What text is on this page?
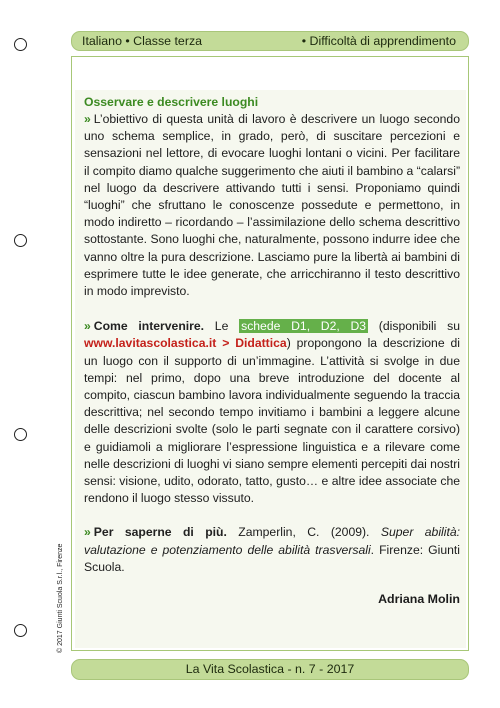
Italiano • Classe terza	• Difficoltà di apprendimento
Osservare e descrivere luoghi

» L’obiettivo di questa unità di lavoro è descrivere un luogo secondo uno schema semplice, in grado, però, di suscitare percezioni e sensazioni nel lettore, di evocare luoghi lontani o vicini. Per facilitare il compito diamo qualche suggerimento che aiuti il bambino a “calarsi” nel luogo da descrivere attivando tutti i sensi. Proponiamo quindi “luoghi” che sfruttano le conoscenze possedute e permettono, in modo indiretto – ricordando – l’assimilazione dello schema descrittivo sottostante. Sono luoghi che, naturalmente, possono indurre idee che vanno oltre la pura descrizione. Lasciamo pure la libertà ai bambini di esprimere tutte le idee generate, che arricchiranno il testo descrittivo in modo imprevisto.

» Come intervenire. Le schede D1, D2, D3 (disponibili su www.lavitascolastica.it > Didattica) propongono la descrizione di un luogo con il supporto di un’immagine. L’attività si svolge in due tempi: nel primo, dopo una breve introduzione del docente al compito, ciascun bambino lavora individualmente seguendo la traccia descrittiva; nel secondo tempo invitiamo i bambini a leggere alcune delle descrizioni svolte (solo le parti segnate con il carattere corsivo) e guidiamoli a migliorare l’espressione linguistica e a rilevare come nelle descrizioni di luoghi vi siano sempre elementi percepiti dai nostri sensi: visione, udito, odorato, tatto, gusto… e altre idee associate che rendono il luogo stesso vissuto.

» Per saperne di più. Zamperlin, C. (2009). Super abilità: valutazione e potenziamento delle abilità trasversali. Firenze: Giunti Scuola.

Adriana Molin
La Vita Scolastica - n. 7 - 2017
© 2017 Giunti Scuola S.r.l., Firenze
